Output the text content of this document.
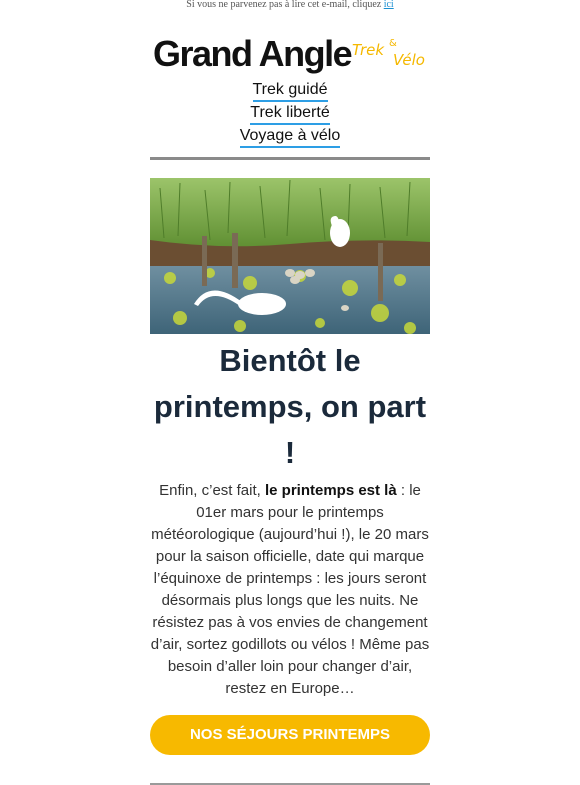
Si vous ne parvenez pas à lire cet e-mail, cliquez ici
Grand Angle Trek &
Vélo
Trek guidé
Trek liberté
Voyage à vélo
Bientôt le printemps, on part !

Enfin, c’est fait, le printemps est là : le 01er mars pour le printemps météorologique (aujourd’hui !), le 20 mars pour la saison officielle, date qui marque l’équinoxe de printemps : les jours seront désormais plus longs que les nuits. Ne résistez pas à vos envies de changement d’air, sortez godillots ou vélos ! Même pas besoin d’aller loin pour changer d’air, restez en Europe…

NOS SÉJOURS PRINTEMPS
